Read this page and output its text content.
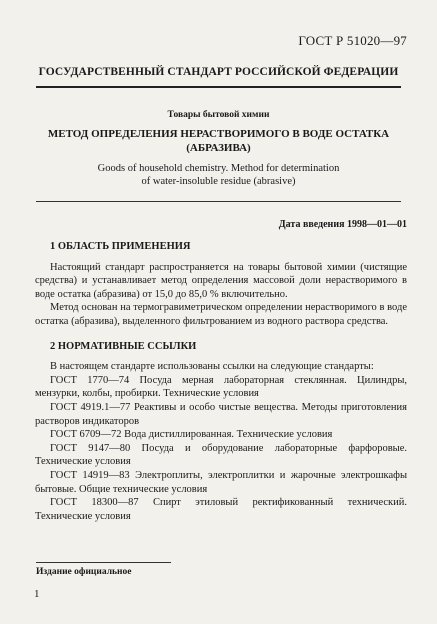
ГОСТ Р 51020—97
ГОСУДАРСТВЕННЫЙ СТАНДАРТ РОССИЙСКОЙ ФЕДЕРАЦИИ
Товары бытовой химии
МЕТОД ОПРЕДЕЛЕНИЯ НЕРАСТВОРИМОГО В ВОДЕ ОСТАТКА
(АБРАЗИВА)
Goods of household chemistry. Method for determination
of water-insoluble residue (abrasive)
Дата введения 1998—01—01
1 ОБЛАСТЬ ПРИМЕНЕНИЯ

Настоящий стандарт распространяется на товары бытовой химии (чистящие средства) и устанавливает метод определения массовой доли нерастворимого в воде остатка (абразива) от 15,0 до 85,0 % включительно.

Метод основан на термогравиметрическом определении нерастворимого в воде остатка (абразива), выделенного фильтрованием из водного раствора средства.

2 НОРМАТИВНЫЕ ССЫЛКИ

В настоящем стандарте использованы ссылки на следующие стандарты:

ГОСТ 1770—74 Посуда мерная лабораторная стеклянная. Цилиндры, мензурки, колбы, пробирки. Технические условия

ГОСТ 4919.1—77 Реактивы и особо чистые вещества. Методы приготовления растворов индикаторов

ГОСТ 6709—72 Вода дистиллированная. Технические условия

ГОСТ 9147—80 Посуда и оборудование лабораторные фарфоровые. Технические условия

ГОСТ 14919—83 Электроплиты, электроплитки и жарочные электрошкафы бытовые. Общие технические условия

ГОСТ 18300—87 Спирт этиловый ректификованный технический. Технические условия

Издание официальное
1
